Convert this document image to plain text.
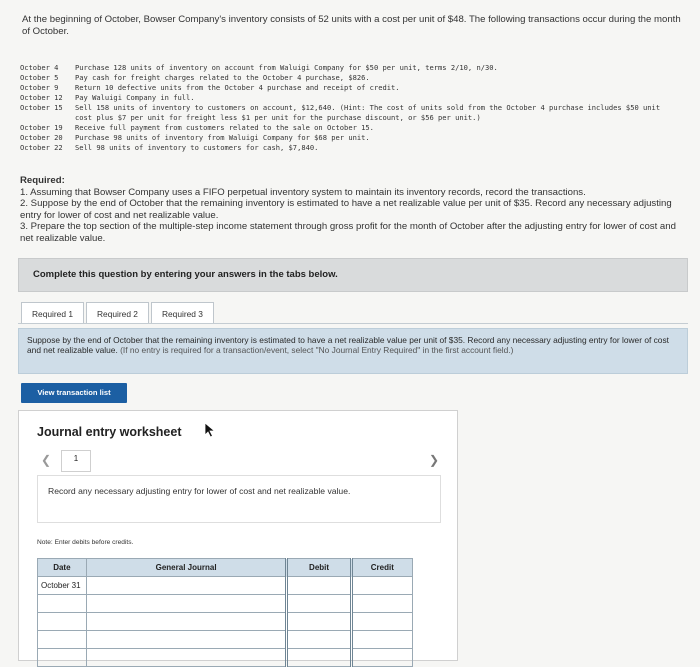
At the beginning of October, Bowser Company's inventory consists of 52 units with a cost per unit of $48. The following transactions occur during the month of October.
October 4	Purchase 128 units of inventory on account from Waluigi Company for $50 per unit, terms 2/10, n/30.
October 5	Pay cash for freight charges related to the October 4 purchase, $826.
October 9	Return 10 defective units from the October 4 purchase and receipt of credit.
October 12	Pay Waluigi Company in full.
October 15	Sell 158 units of inventory to customers on account, $12,640. (Hint: The cost of units sold from the October 4 purchase includes $50 unit cost plus $7 per unit for freight less $1 per unit for the purchase discount, or $56 per unit.)
October 19	Receive full payment from customers related to the sale on October 15.
October 20	Purchase 98 units of inventory from Waluigi Company for $68 per unit.
October 22	Sell 98 units of inventory to customers for cash, $7,840.
Required:
1. Assuming that Bowser Company uses a FIFO perpetual inventory system to maintain its inventory records, record the transactions.
2. Suppose by the end of October that the remaining inventory is estimated to have a net realizable value per unit of $35. Record any necessary adjusting entry for lower of cost and net realizable value.
3. Prepare the top section of the multiple-step income statement through gross profit for the month of October after the adjusting entry for lower of cost and net realizable value.
Complete this question by entering your answers in the tabs below.
Required 1	Required 2	Required 3
Suppose by the end of October that the remaining inventory is estimated to have a net realizable value per unit of $35. Record any necessary adjusting entry for lower of cost and net realizable value. (If no entry is required for a transaction/event, select "No Journal Entry Required" in the first account field.)
View transaction list
Journal entry worksheet
❮	1	❯
Record any necessary adjusting entry for lower of cost and net realizable value.
Note: Enter debits before credits.
Date	General Journal	Debit	Credit
October 31			
